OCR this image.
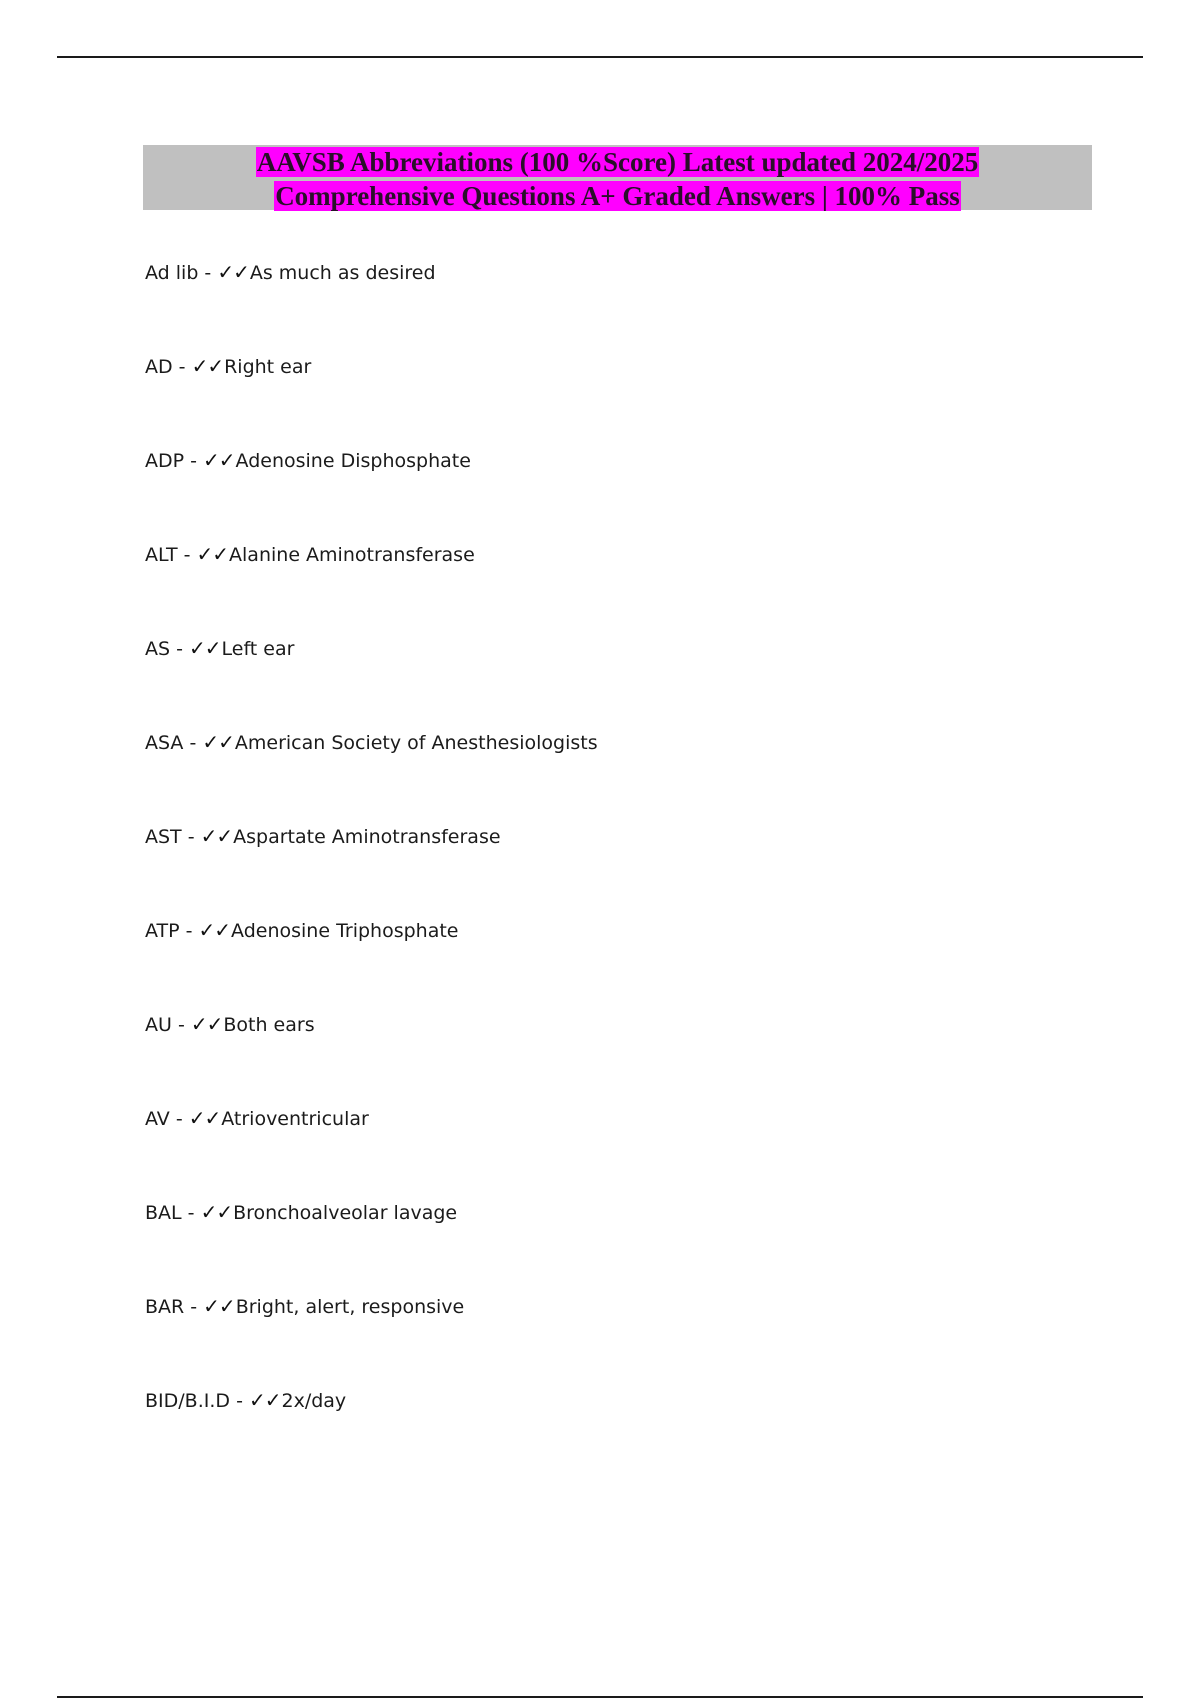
AAVSB Abbreviations (100 %Score) Latest updated 2024/2025
Comprehensive Questions A+ Graded Answers | 100% Pass
Ad lib - ✓✓As much as desired
AD - ✓✓Right ear
ADP - ✓✓Adenosine Disphosphate
ALT - ✓✓Alanine Aminotransferase
AS - ✓✓Left ear
ASA - ✓✓American Society of Anesthesiologists
AST - ✓✓Aspartate Aminotransferase
ATP - ✓✓Adenosine Triphosphate
AU - ✓✓Both ears
AV - ✓✓Atrioventricular
BAL - ✓✓Bronchoalveolar lavage
BAR - ✓✓Bright, alert, responsive
BID/B.I.D - ✓✓2x/day
